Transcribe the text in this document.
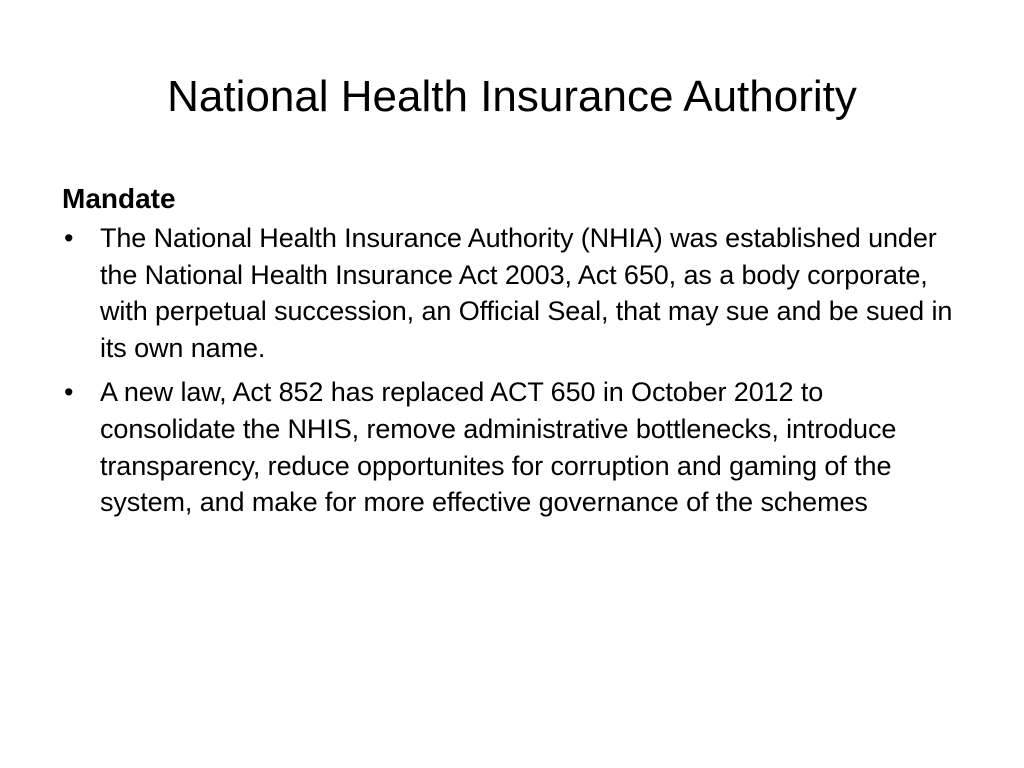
National Health Insurance Authority
Mandate
• The National Health Insurance Authority (NHIA) was established under the National Health Insurance Act 2003, Act 650, as a body corporate, with perpetual succession, an Official Seal, that may sue and be sued in its own name.
• A new law, Act 852 has replaced ACT 650 in October 2012 to consolidate the NHIS, remove administrative bottlenecks, introduce transparency, reduce opportunites for corruption and gaming of the system, and make for more effective governance of the schemes
